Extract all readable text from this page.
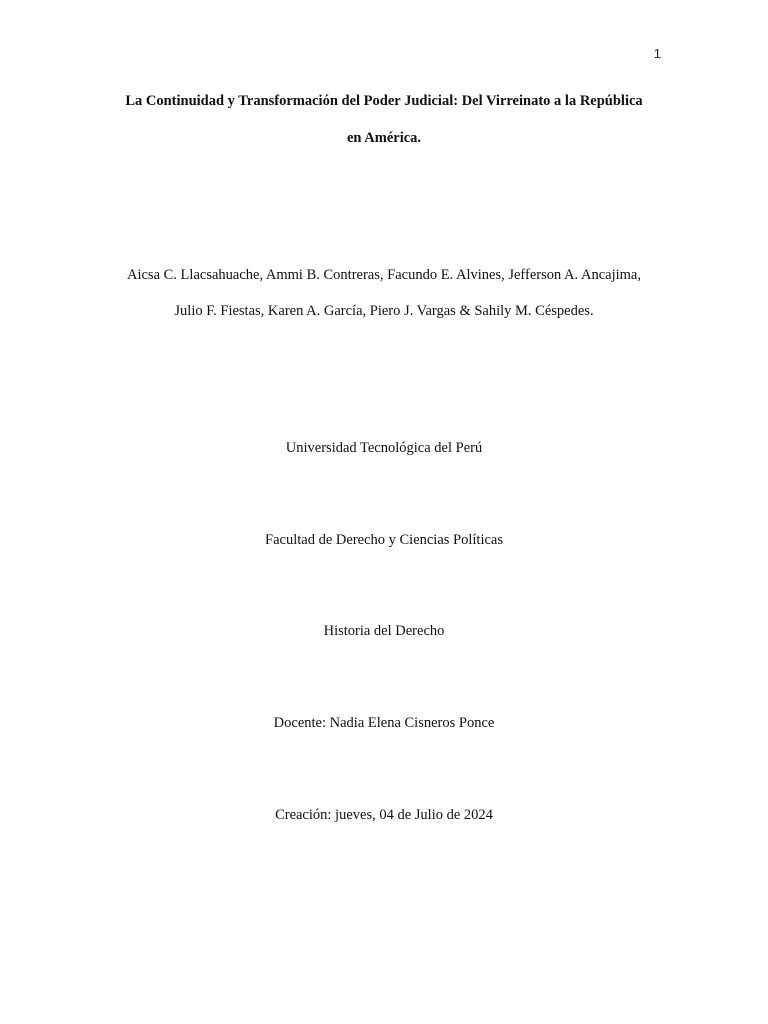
1
La Continuidad y Transformación del Poder Judicial: Del Virreinato a la República
en América.
Aicsa C. Llacsahuache, Ammi B. Contreras, Facundo E. Alvines, Jefferson A. Ancajima,
Julio F. Fiestas, Karen A. García, Piero J. Vargas & Sahily M. Céspedes.
Universidad Tecnológica del Perú
Facultad de Derecho y Ciencias Políticas
Historia del Derecho
Docente: Nadia Elena Cisneros Ponce
Creación: jueves, 04 de Julio de 2024
